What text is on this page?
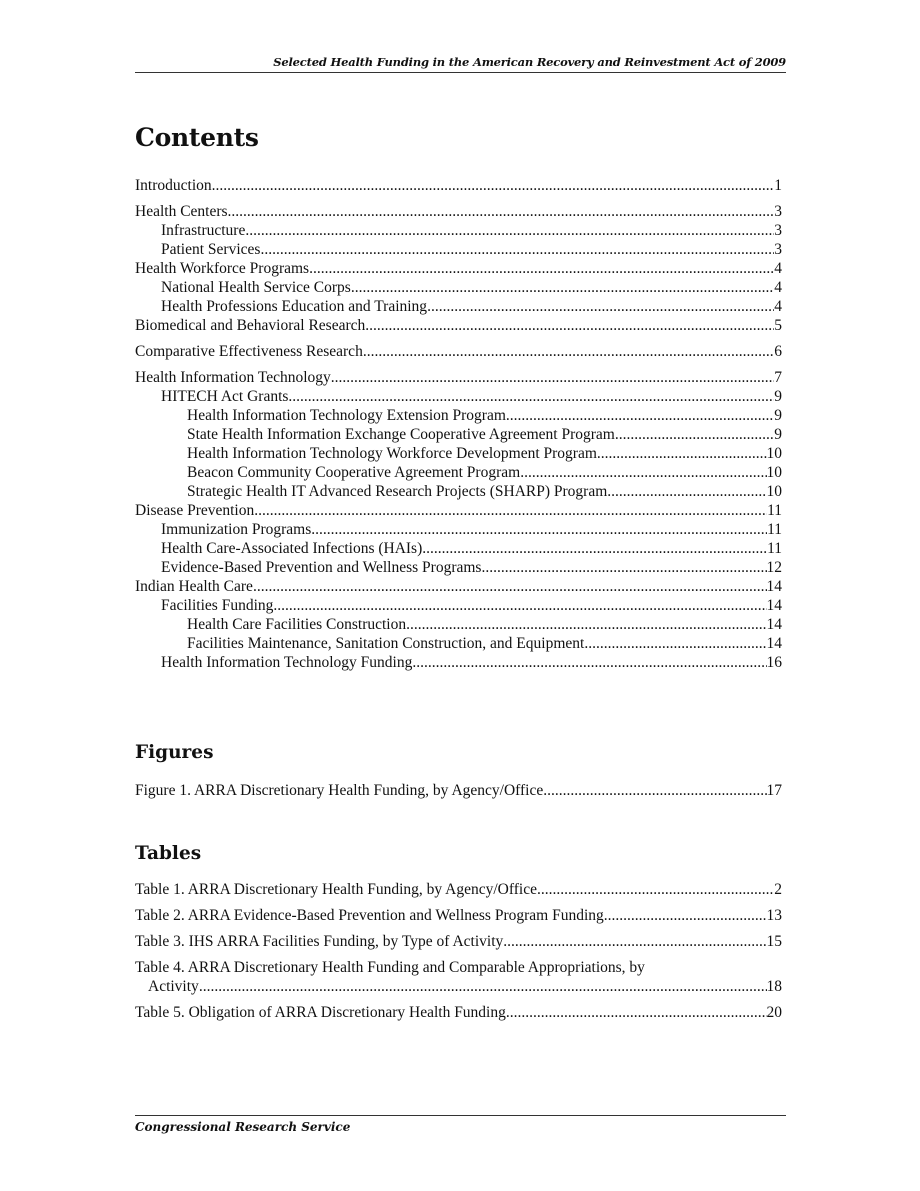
Selected Health Funding in the American Recovery and Reinvestment Act of 2009
Contents
Introduction .....	1
Health Centers .....	3
Infrastructure .....	3
Patient Services .....	3
Health Workforce Programs .....	4
National Health Service Corps .....	4
Health Professions Education and Training .....	4
Biomedical and Behavioral Research .....	5
Comparative Effectiveness Research .....	6
Health Information Technology .....	7
HITECH Act Grants .....	9
Health Information Technology Extension Program .....	9
State Health Information Exchange Cooperative Agreement Program .....	9
Health Information Technology Workforce Development Program .....	10
Beacon Community Cooperative Agreement Program .....	10
Strategic Health IT Advanced Research Projects (SHARP) Program .....	10
Disease Prevention .....	11
Immunization Programs .....	11
Health Care-Associated Infections (HAIs) .....	11
Evidence-Based Prevention and Wellness Programs .....	12
Indian Health Care .....	14
Facilities Funding .....	14
Health Care Facilities Construction .....	14
Facilities Maintenance, Sanitation Construction, and Equipment .....	14
Health Information Technology Funding .....	16
Figures
Figure 1. ARRA Discretionary Health Funding, by Agency/Office .....	17
Tables
Table 1. ARRA Discretionary Health Funding, by Agency/Office .....	2
Table 2. ARRA Evidence-Based Prevention and Wellness Program Funding .....	13
Table 3. IHS ARRA Facilities Funding, by Type of Activity .....	15
Table 4. ARRA Discretionary Health Funding and Comparable Appropriations, by
Activity .....	18
Table 5. Obligation of ARRA Discretionary Health Funding .....	20
Congressional Research Service
